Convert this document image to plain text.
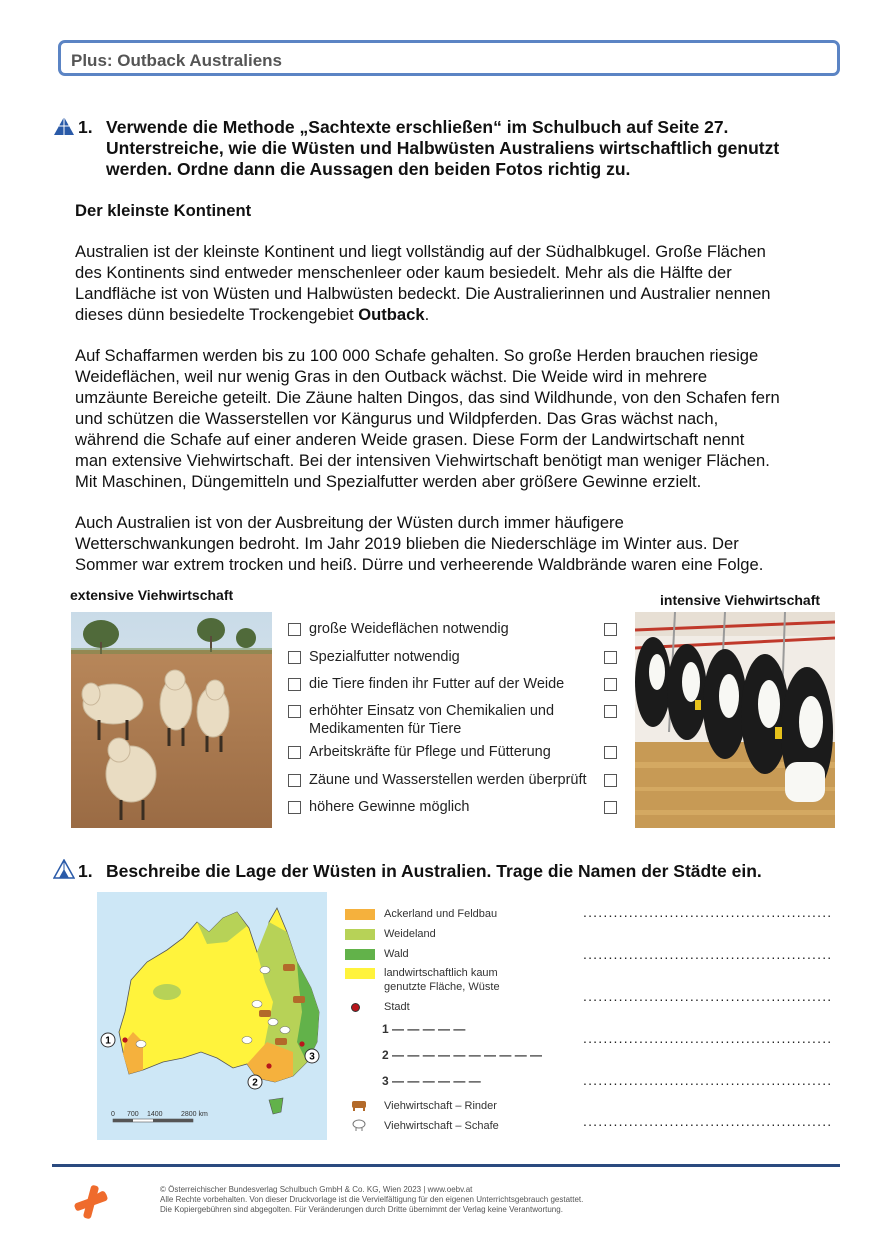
Plus: Outback Australiens
1. Verwende die Methode „Sachtexte erschließen“ im Schulbuch auf Seite 27.
Unterstreiche, wie die Wüsten und Halbwüsten Australiens wirtschaftlich genutzt
werden. Ordne dann die Aussagen den beiden Fotos richtig zu.
Der kleinste Kontinent

Australien ist der kleinste Kontinent und liegt vollständig auf der Südhalbkugel. Große Flächen
des Kontinents sind entweder menschenleer oder kaum besiedelt. Mehr als die Hälfte der
Landfläche ist von Wüsten und Halbwüsten bedeckt. Die Australierinnen und Australier nennen
dieses dünn besiedelte Trockengebiet Outback.

Auf Schaffarmen werden bis zu 100 000 Schafe gehalten. So große Herden brauchen riesige
Weideflächen, weil nur wenig Gras in den Outback wächst. Die Weide wird in mehrere
umzäunte Bereiche geteilt. Die Zäune halten Dingos, das sind Wildhunde, von den Schafen fern
und schützen die Wasserstellen vor Kängurus und Wildpferden. Das Gras wächst nach,
während die Schafe auf einer anderen Weide grasen. Diese Form der Landwirtschaft nennt
man extensive Viehwirtschaft. Bei der intensiven Viehwirtschaft benötigt man weniger Flächen.
Mit Maschinen, Düngemitteln und Spezialfutter werden aber größere Gewinne erzielt.

Auch Australien ist von der Ausbreitung der Wüsten durch immer häufigere
Wetterschwankungen bedroht. Im Jahr 2019 blieben die Niederschläge im Winter aus. Der
Sommer war extrem trocken und heiß. Dürre und verheerende Waldbrände waren eine Folge.

extensive Viehwirtschaft	intensive Viehwirtschaft
große Weideflächen notwendig
Spezialfutter notwendig
die Tiere finden ihr Futter auf der Weide
erhöhter Einsatz von Chemikalien und
Medikamenten für Tiere
Arbeitskräfte für Pflege und Fütterung
Zäune und Wasserstellen werden überprüft
höhere Gewinne möglich
1. Beschreibe die Lage der Wüsten in Australien. Trage die Namen der Städte ein.
1
2
3
0 700 1400	2800 km
Ackerland und Feldbau
Weideland
Wald
landwirtschaftlich kaum
genutzte Fläche, Wüste
Stadt
1 — — — — —
2 — — — — — — — — — —
3 — — — — — —
Viehwirtschaft – Rinder
Viehwirtschaft – Schafe
.................................................
.................................................
.................................................
.................................................
.................................................
.................................................
© Österreichischer Bundesverlag Schulbuch GmbH & Co. KG, Wien 2023 | www.oebv.at
Alle Rechte vorbehalten. Von dieser Druckvorlage ist die Vervielfältigung für den eigenen Unterrichtsgebrauch gestattet.
Die Kopiergebühren sind abgegolten. Für Veränderungen durch Dritte übernimmt der Verlag keine Verantwortung.
